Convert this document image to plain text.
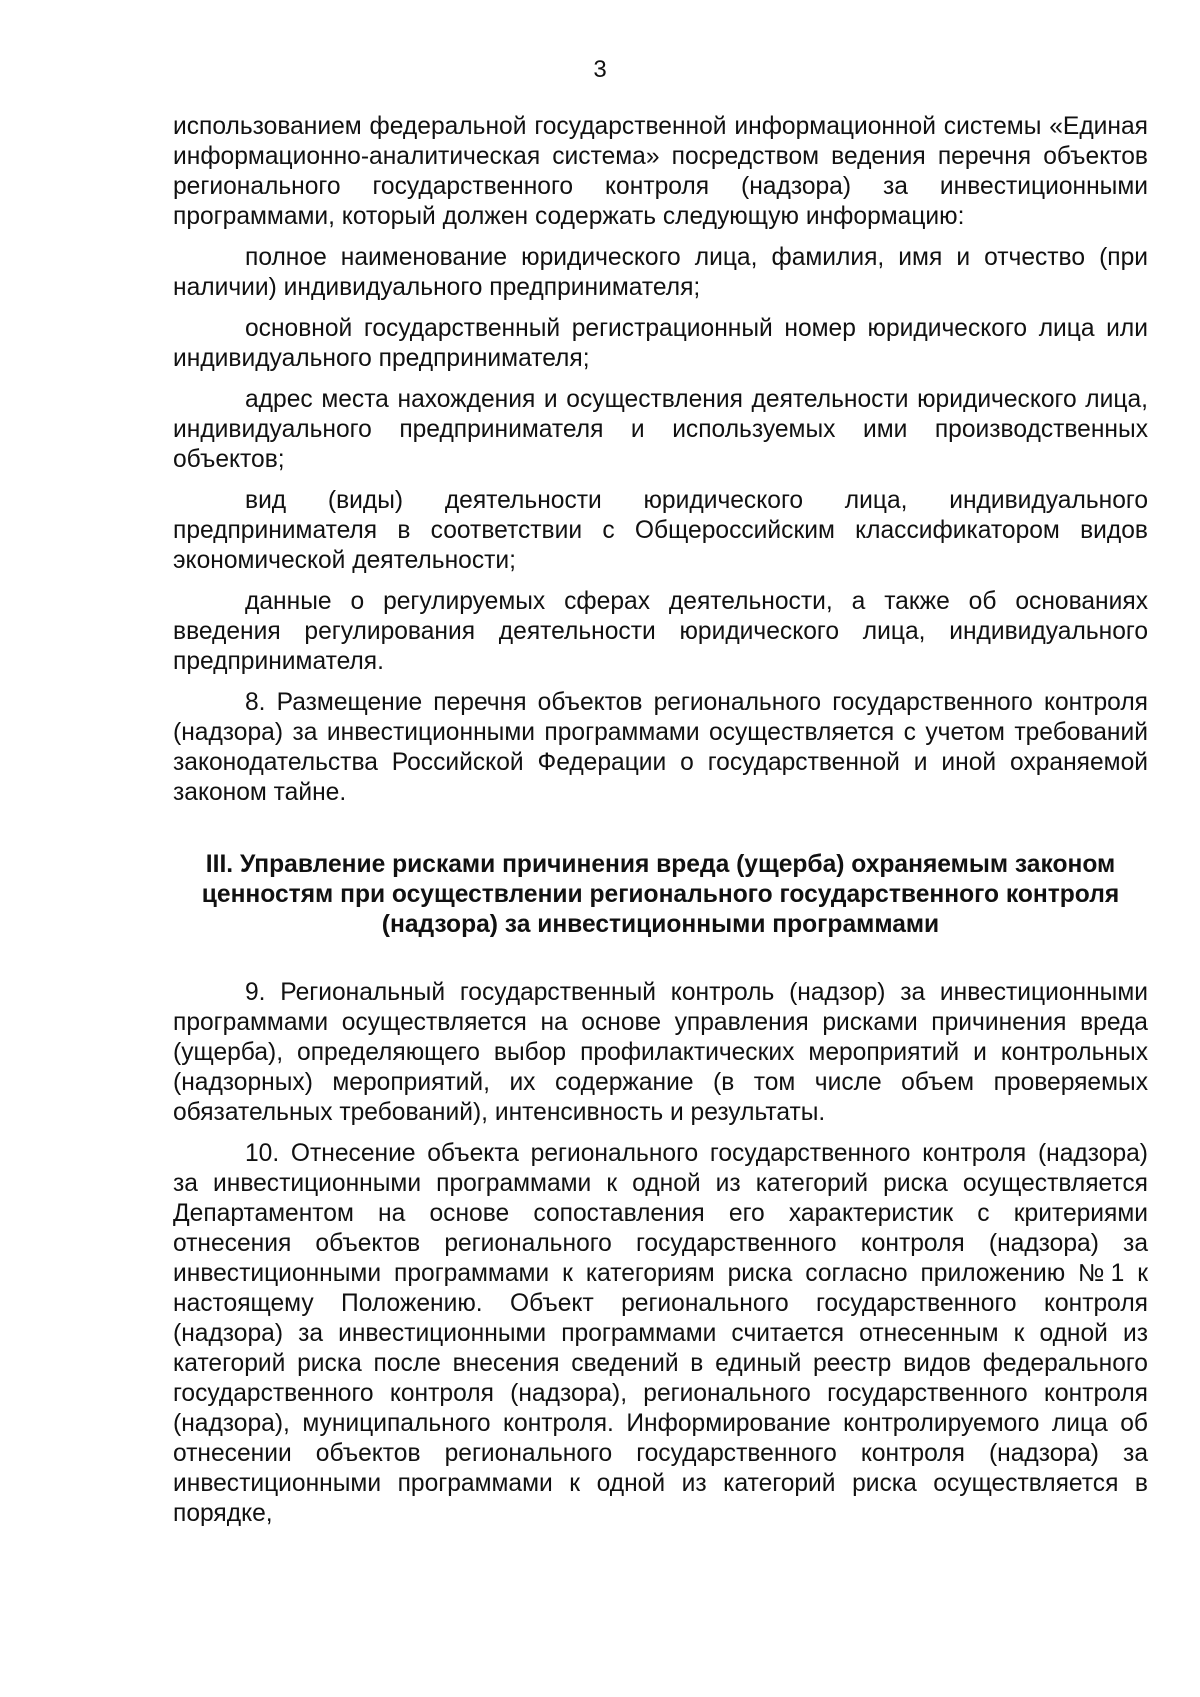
3

использованием федеральной государственной информационной системы «Единая информационно-аналитическая система» посредством ведения перечня объектов регионального государственного контроля (надзора) за инвестиционными программами, который должен содержать следующую информацию:

полное наименование юридического лица, фамилия, имя и отчество (при наличии) индивидуального предпринимателя;

основной государственный регистрационный номер юридического лица или индивидуального предпринимателя;

адрес места нахождения и осуществления деятельности юридического лица, индивидуального предпринимателя и используемых ими производственных объектов;

вид (виды) деятельности юридического лица, индивидуального предпринимателя в соответствии с Общероссийским классификатором видов экономической деятельности;

данные о регулируемых сферах деятельности, а также об основаниях введения регулирования деятельности юридического лица, индивидуального предпринимателя.

8. Размещение перечня объектов регионального государственного контроля (надзора) за инвестиционными программами осуществляется с учетом требований законодательства Российской Федерации о государственной и иной охраняемой законом тайне.

III. Управление рисками причинения вреда (ущерба) охраняемым законом ценностям при осуществлении регионального государственного контроля (надзора) за инвестиционными программами

9. Региональный государственный контроль (надзор) за инвестиционными программами осуществляется на основе управления рисками причинения вреда (ущерба), определяющего выбор профилактических мероприятий и контрольных (надзорных) мероприятий, их содержание (в том числе объем проверяемых обязательных требований), интенсивность и результаты.

10. Отнесение объекта регионального государственного контроля (надзора) за инвестиционными программами к одной из категорий риска осуществляется Департаментом на основе сопоставления его характеристик с критериями отнесения объектов регионального государственного контроля (надзора) за инвестиционными программами к категориям риска согласно приложению №1 к настоящему Положению. Объект регионального государственного контроля (надзора) за инвестиционными программами считается отнесенным к одной из категорий риска после внесения сведений в единый реестр видов федерального государственного контроля (надзора), регионального государственного контроля (надзора), муниципального контроля. Информирование контролируемого лица об отнесении объектов регионального государственного контроля (надзора) за инвестиционными программами к одной из категорий риска осуществляется в порядке,
